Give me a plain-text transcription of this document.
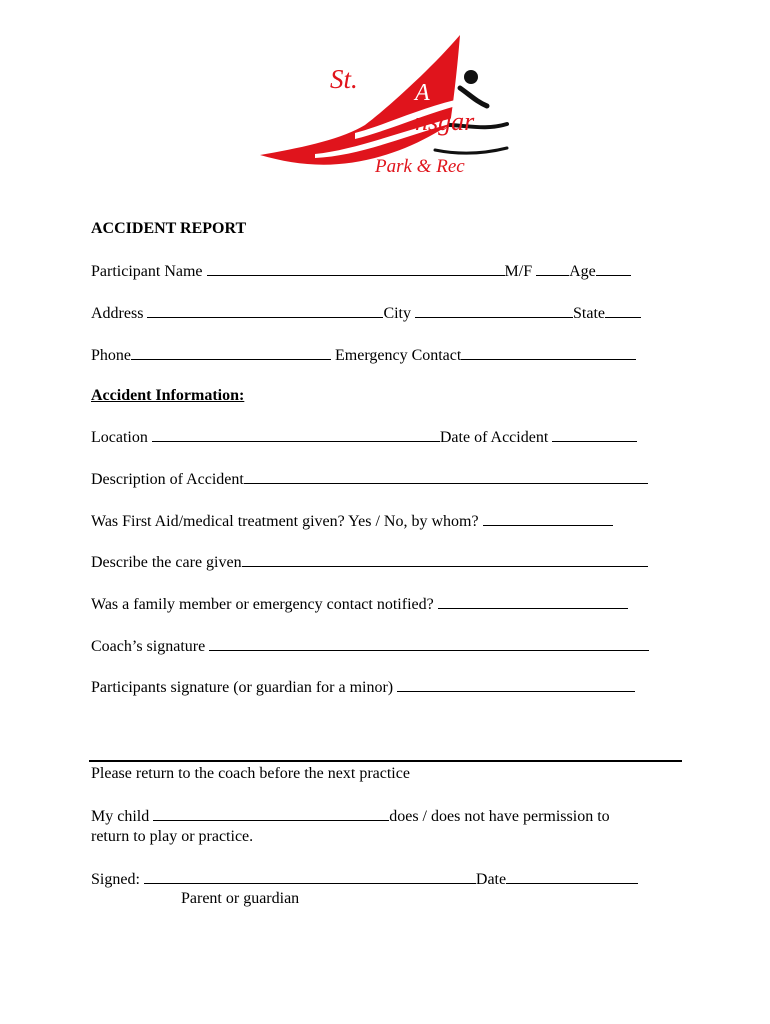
St. A
nsgar
Park & Rec
ACCIDENT REPORT
Participant Name	M/F Age
Address	City	State
Phone	Emergency Contact
Accident Information:
Location	Date of Accident
Description of Accident
Was First Aid/medical treatment given? Yes / No, by whom?
Describe the care given
Was a family member or emergency contact notified?
Coach’s signature
Participants signature (or guardian for a minor)
Please return to the coach before the next practice
My child	does / does not have permission to
return to play or practice.
Signed:	Date
Parent or guardian
